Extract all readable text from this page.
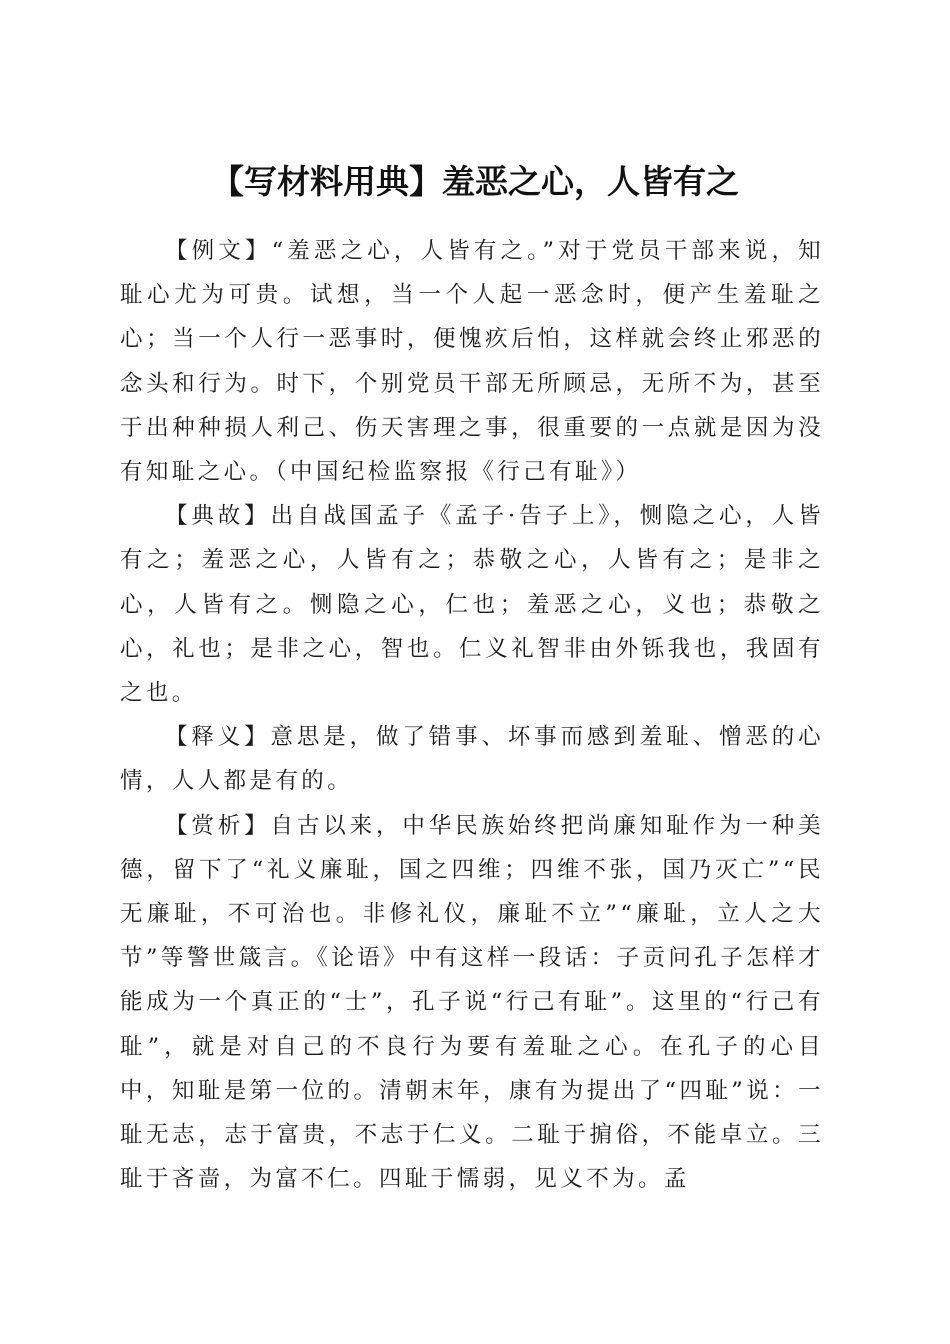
【写材料用典】羞恶之心，人皆有之

【例文】“羞恶之心，人皆有之。”对于党员干部来说，知耻心尤为可贵。试想，当一个人起一恶念时，便产生羞耻之心；当一个人行一恶事时，便愧疚后怕，这样就会终止邪恶的念头和行为。时下，个别党员干部无所顾忌，无所不为，甚至于出种种损人利己、伤天害理之事，很重要的一点就是因为没有知耻之心。（中国纪检监察报《行己有耻》）

【典故】出自战国孟子《孟子·告子上》，恻隐之心，人皆有之；羞恶之心，人皆有之；恭敬之心，人皆有之；是非之心，人皆有之。恻隐之心，仁也；羞恶之心，义也；恭敬之心，礼也；是非之心，智也。仁义礼智非由外铄我也，我固有之也。

【释义】意思是，做了错事、坏事而感到羞耻、憎恶的心情，人人都是有的。

【赏析】自古以来，中华民族始终把尚廉知耻作为一种美德，留下了“礼义廉耻，国之四维；四维不张，国乃灭亡”“民无廉耻，不可治也。非修礼仪，廉耻不立”“廉耻，立人之大节”等警世箴言。《论语》中有这样一段话：子贡问孔子怎样才能成为一个真正的“士”，孔子说“行己有耻”。这里的“行己有耻”，就是对自己的不良行为要有羞耻之心。在孔子的心目中，知耻是第一位的。清朝末年，康有为提出了“四耻”说：一耻无志，志于富贵，不志于仁义。二耻于掮俗，不能卓立。三耻于吝啬，为富不仁。四耻于懦弱，见义不为。孟
